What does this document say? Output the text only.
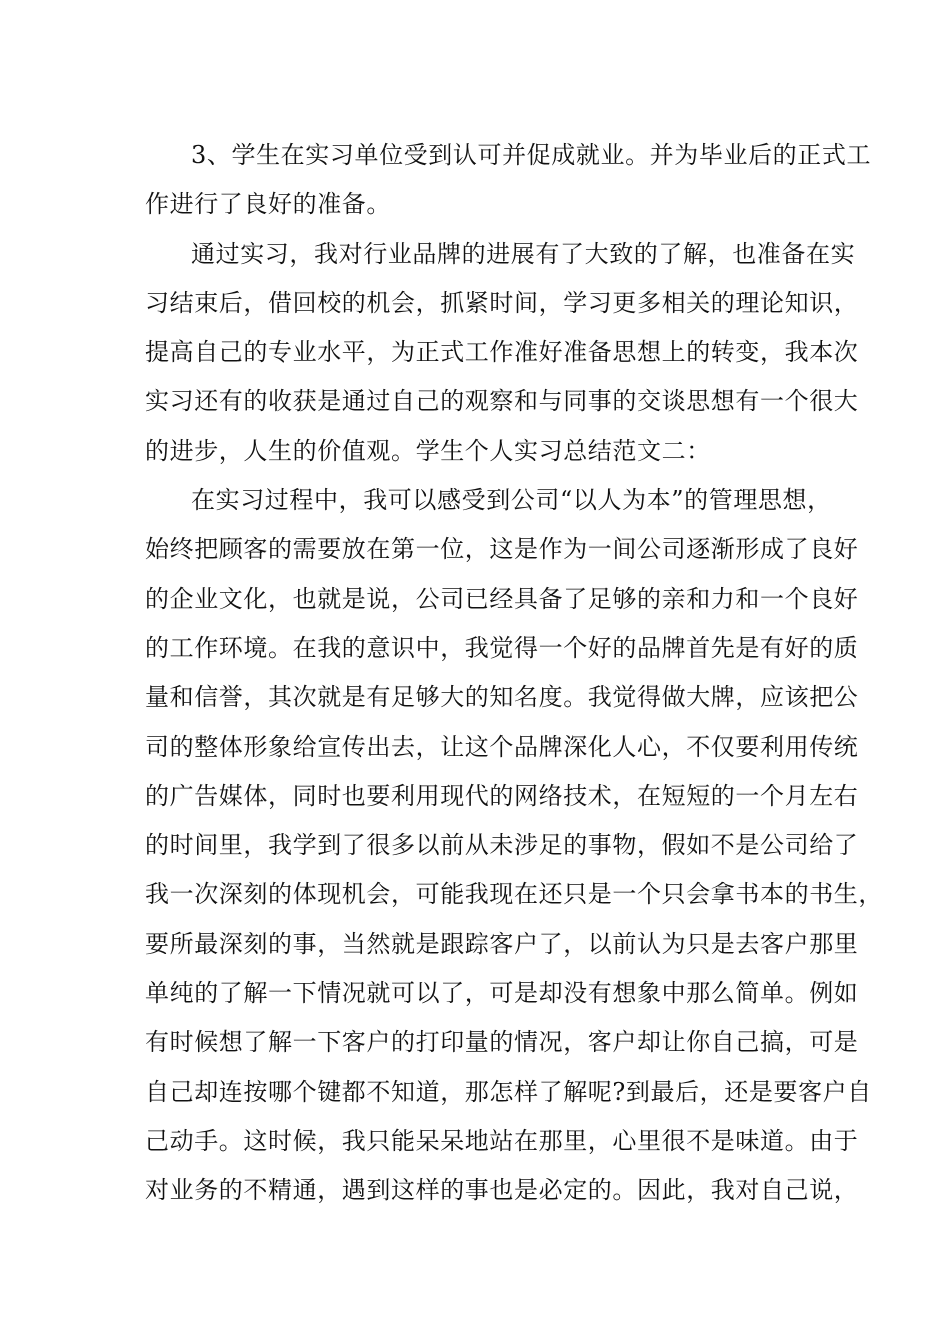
3、学生在实习单位受到认可并促成就业。并为毕业后的正式工
作进行了良好的准备。
通过实习，我对行业品牌的进展有了大致的了解，也准备在实
习结束后，借回校的机会，抓紧时间，学习更多相关的理论知识，
提高自己的专业水平，为正式工作准好准备思想上的转变，我本次
实习还有的收获是通过自己的观察和与同事的交谈思想有一个很大
的进步，人生的价值观。学生个人实习总结范文二：
在实习过程中，我可以感受到公司“以人为本”的管理思想，
始终把顾客的需要放在第一位，这是作为一间公司逐渐形成了良好
的企业文化，也就是说，公司已经具备了足够的亲和力和一个良好
的工作环境。在我的意识中，我觉得一个好的品牌首先是有好的质
量和信誉，其次就是有足够大的知名度。我觉得做大牌，应该把公
司的整体形象给宣传出去，让这个品牌深化人心，不仅要利用传统
的广告媒体，同时也要利用现代的网络技术，在短短的一个月左右
的时间里，我学到了很多以前从未涉足的事物，假如不是公司给了
我一次深刻的体现机会，可能我现在还只是一个只会拿书本的书生，
要所最深刻的事，当然就是跟踪客户了，以前认为只是去客户那里
单纯的了解一下情况就可以了，可是却没有想象中那么简单。例如
有时候想了解一下客户的打印量的情况，客户却让你自己搞，可是
自己却连按哪个键都不知道，那怎样了解呢?到最后，还是要客户自
己动手。这时候，我只能呆呆地站在那里，心里很不是味道。由于
对业务的不精通，遇到这样的事也是必定的。因此，我对自己说，
